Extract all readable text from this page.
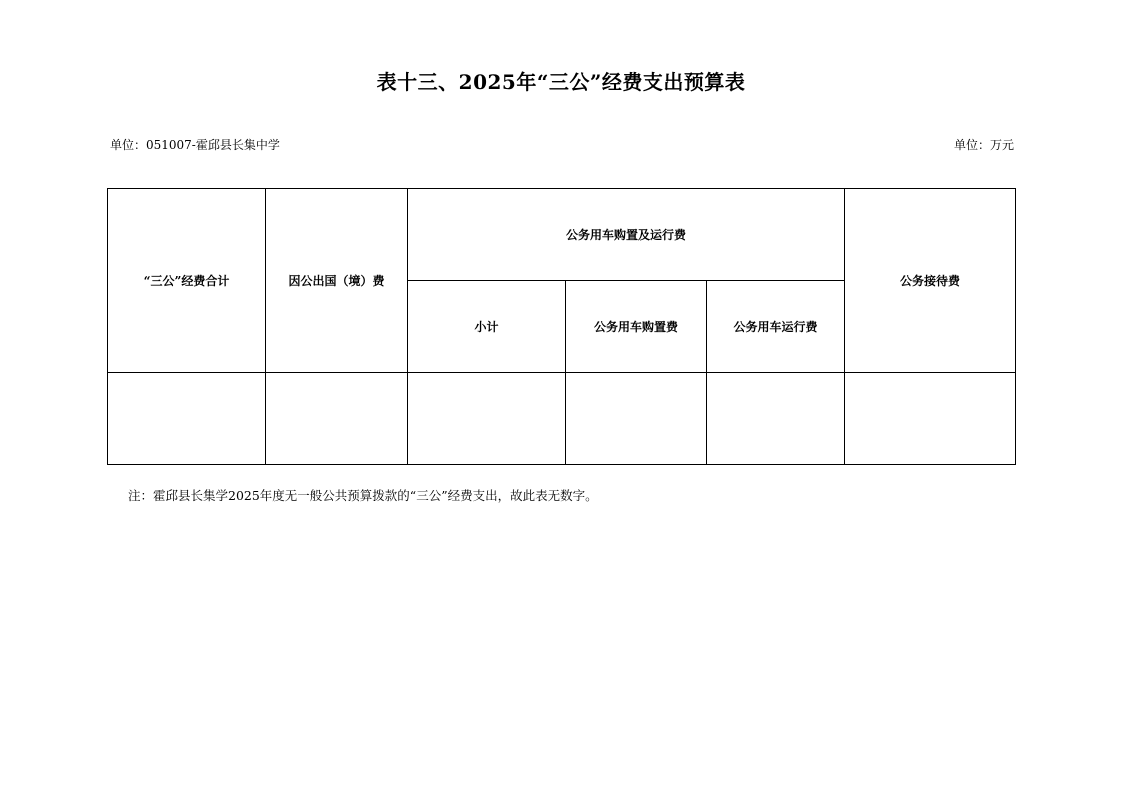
表十三、2025年“三公”经费支出预算表
单位：051007-霍邱县长集中学	单位：万元
“三公”经费合计	因公出国（境）费	公务用车购置及运行费			公务接待费
		小计	公务用车购置费	公务用车运行费	

注：霍邱县长集学2025年度无一般公共预算拨款的“三公”经费支出，故此表无数字。
